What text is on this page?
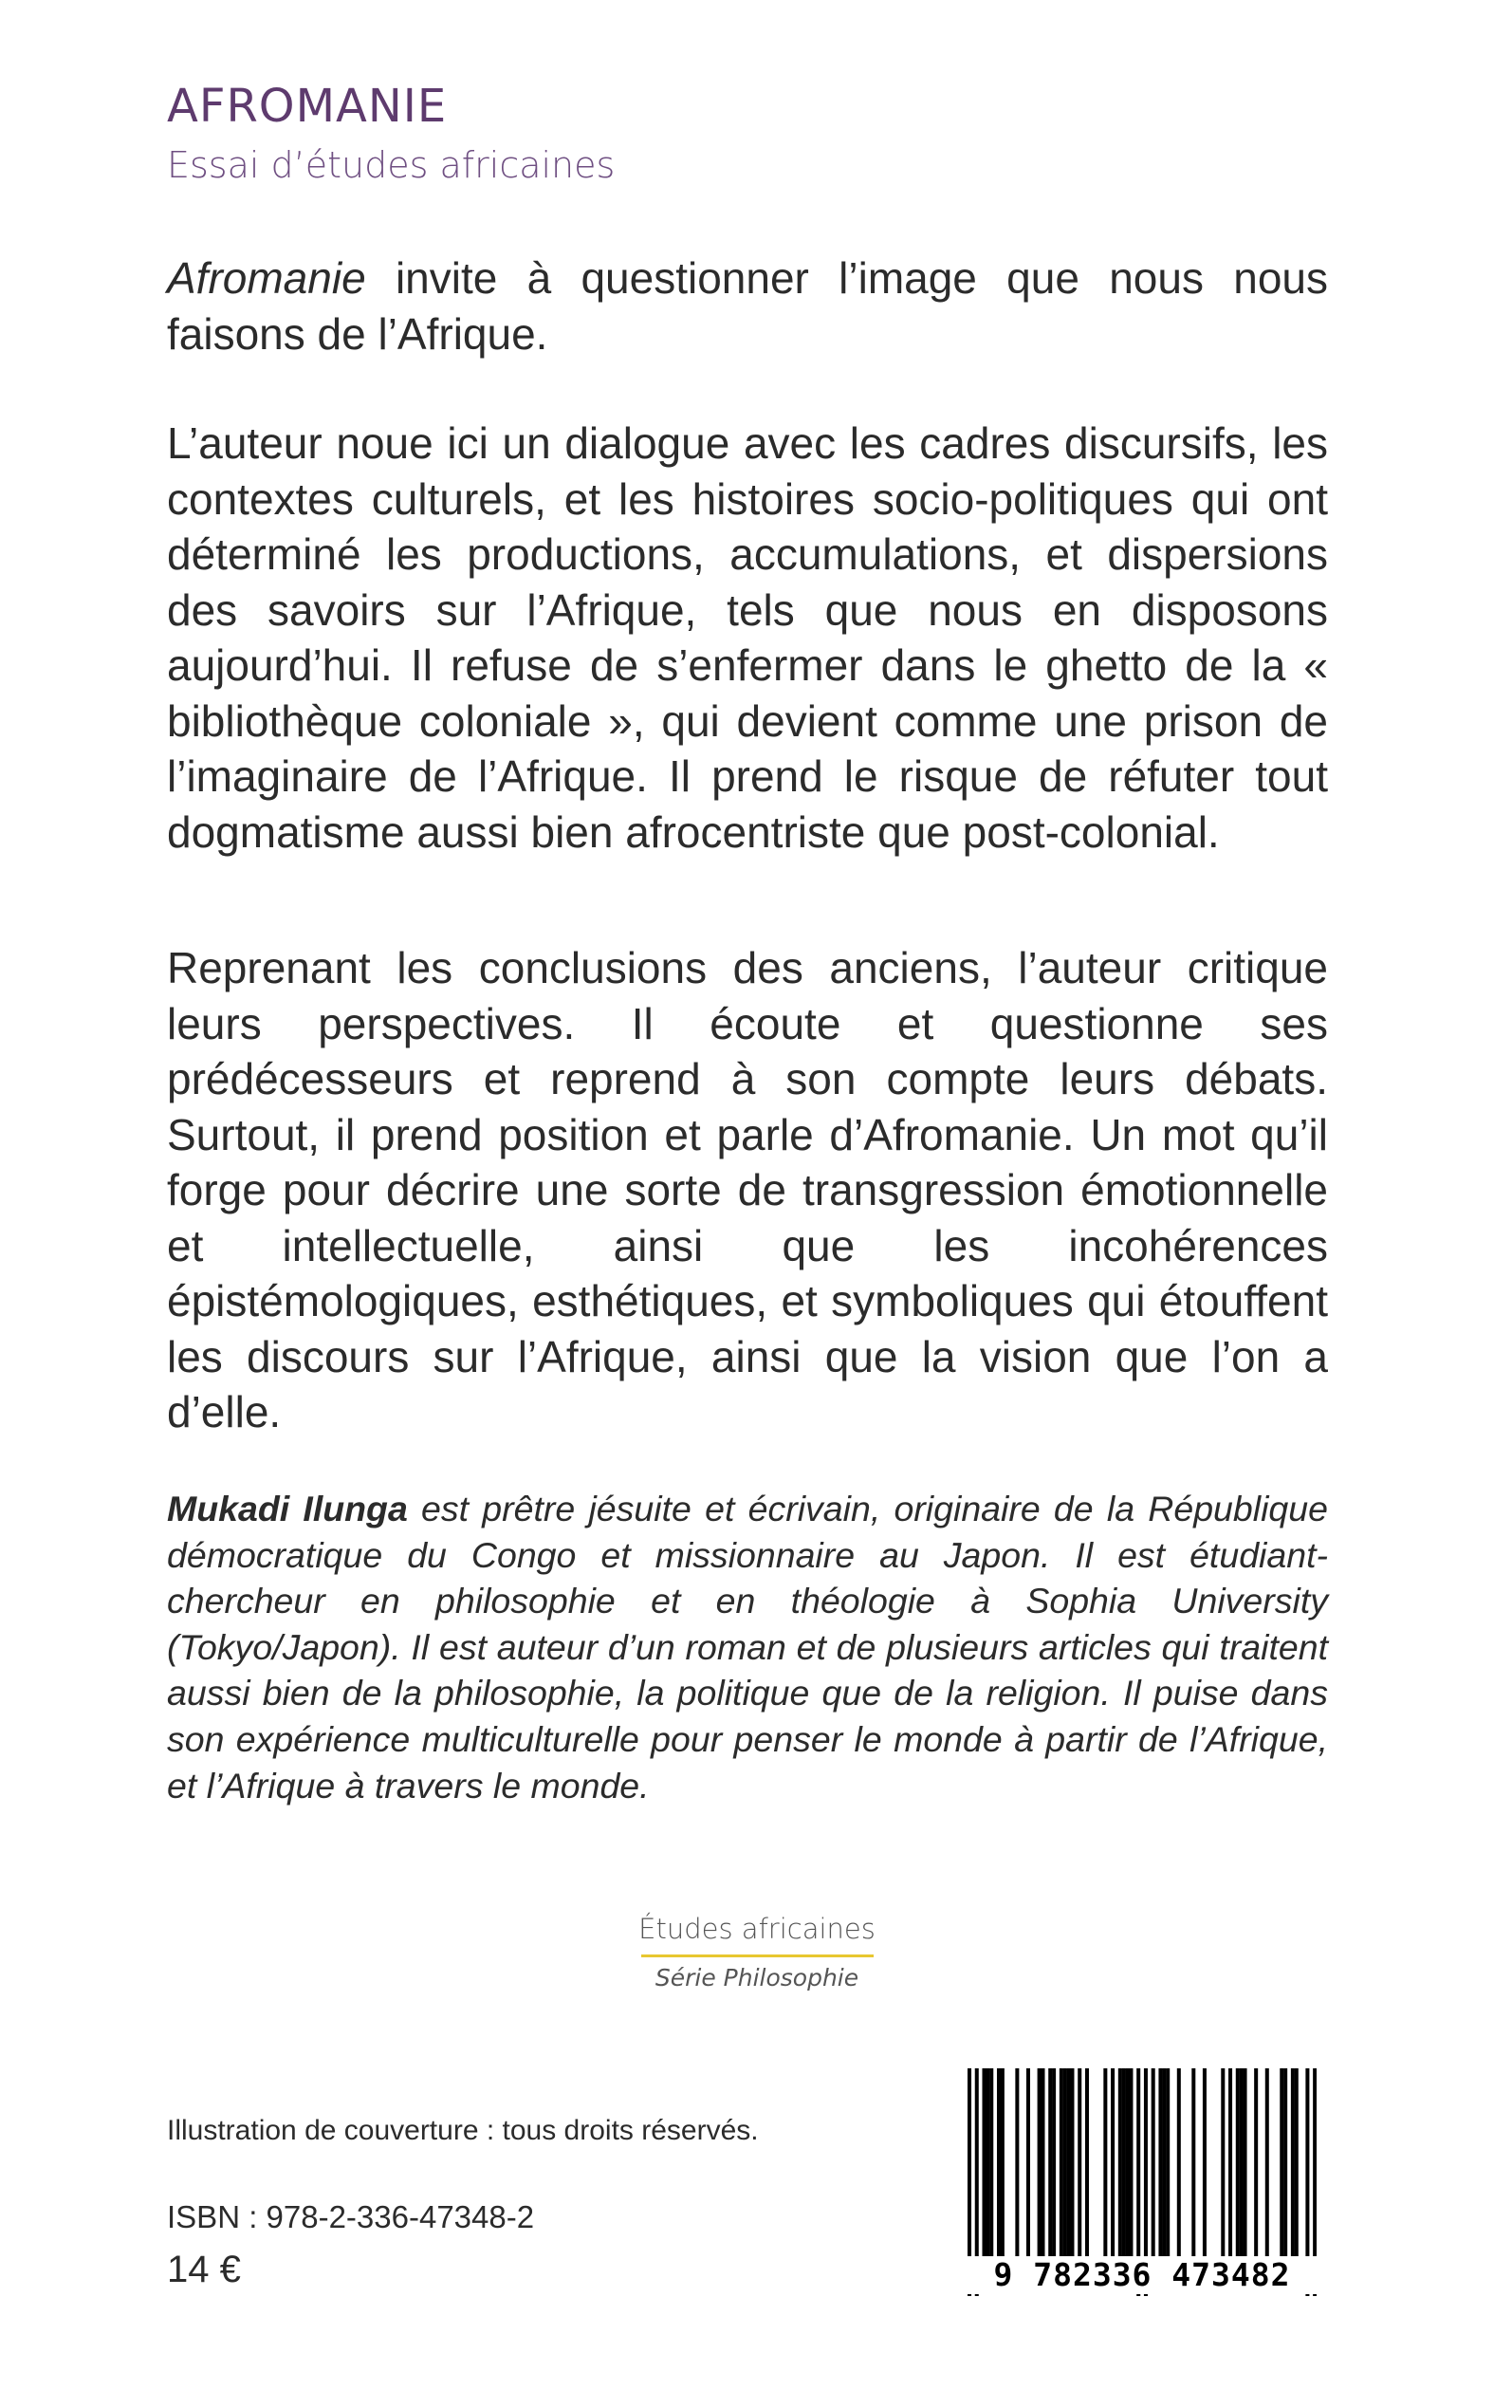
AFROMANIE
Essai d’études africaines
Afromanie invite à questionner l’image que nous nous faisons de l’Afrique.
L’auteur noue ici un dialogue avec les cadres discursifs, les contextes culturels, et les histoires socio-politiques qui ont déterminé les productions, accumulations, et dispersions des savoirs sur l’Afrique, tels que nous en disposons aujourd’hui. Il refuse de s’enfermer dans le ghetto de la « bibliothèque coloniale », qui devient comme une prison de l’imaginaire de l’Afrique. Il prend le risque de réfuter tout dogmatisme aussi bien afrocentriste que post-colonial.
Reprenant les conclusions des anciens, l’auteur critique leurs perspectives. Il écoute et questionne ses prédécesseurs et reprend à son compte leurs débats. Surtout, il prend position et parle d’Afromanie. Un mot qu’il forge pour décrire une sorte de transgression émotionnelle et intellectuelle, ainsi que les incohérences épistémologiques, esthétiques, et symboliques qui étouffent les discours sur l’Afrique, ainsi que la vision que l’on a d’elle.
Mukadi Ilunga est prêtre jésuite et écrivain, originaire de la République démocratique du Congo et missionnaire au Japon. Il est étudiant-chercheur en philosophie et en théologie à Sophia University (Tokyo/Japon). Il est auteur d’un roman et de plusieurs articles qui traitent aussi bien de la philosophie, la politique que de la religion. Il puise dans son expérience multiculturelle pour penser le monde à partir de l’Afrique, et l’Afrique à travers le monde.
Études africaines
Série Philosophie
Illustration de couverture : tous droits réservés.
ISBN : 978-2-336-47348-2
14 €	9 782336 473482
